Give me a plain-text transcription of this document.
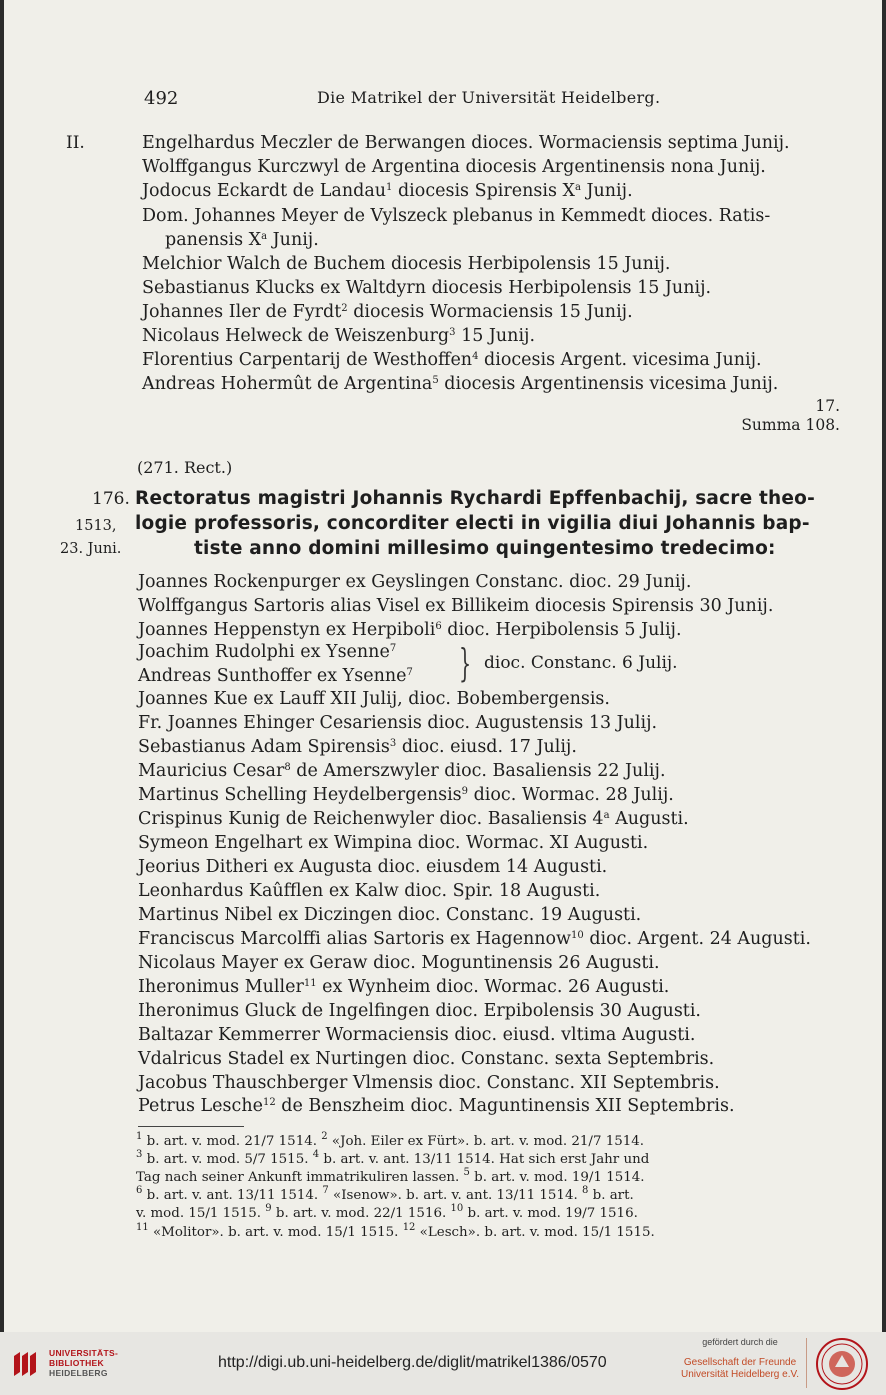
492	Die Matrikel der Universität Heidelberg.
II.	Engelhardus Meczler de Berwangen dioces. Wormaciensis septima Junij.
Wolffgangus Kurczwyl de Argentina diocesis Argentinensis nona Junij.
Jodocus Eckardt de Landau$^1$ diocesis Spirensis $X^a$ Junij.
Dom. Johannes Meyer de Vylszeck plebanus in Kemmedt dioces. Ratis-
panensis $X^a$ Junij.
Melchior Walch de Buchem diocesis Herbipolensis 15 Junij.
Sebastianus Klucks ex Waltdyrn diocesis Herbipolensis 15 Junij.
Johannes Iler de Fyrdt$^2$ diocesis Wormaciensis 15 Junij.
Nicolaus Helweck de Weiszenburg$^3$ 15 Junij.
Florentius Carpentarij de Westhoffen$^4$ diocesis Argent. vicesima Junij.
Andreas Hohermût de Argentina$^5$ diocesis Argentinensis vicesima Junij.
17.
Summa 108.
(271. Rect.)
176.
1513,
23. Juni.
Rectoratus magistri Johannis Rychardi Epffenbachij, sacre theo-
logie professoris, concorditer electi in vigilia diui Johannis bap-
tiste anno domini millesimo quingentesimo tredecimo:
Joannes Rockenpurger ex Geyslingen Constanc. dioc. 29 Junij.
Wolffgangus Sartoris alias Visel ex Billikeim diocesis Spirensis 30 Junij.
Joannes Heppenstyn ex Herpiboli$^6$ dioc. Herpibolensis 5 Julij.
Joachim Rudolphi ex Ysenne$^7$
Andreas Sunthoffer ex Ysenne$^7$
Joannes Kue ex Lauff XII Julij, dioc. Bobembergensis.
Fr. Joannes Ehinger Cesariensis dioc. Augustensis 13 Julij.
Sebastianus Adam Spirensis$^3$ dioc. eiusd. 17 Julij.
Mauricius Cesar$^8$ de Amerszwyler dioc. Basaliensis 22 Julij.
Martinus Schelling Heydelbergensis$^9$ dioc. Wormac. 28 Julij.
Crispinus Kunig de Reichenwyler dioc. Basaliensis 4$^a$ Augusti.
Symeon Engelhart ex Wimpina dioc. Wormac. XI Augusti.
Jeorius Ditheri ex Augusta dioc. eiusdem 14 Augusti.
Leonhardus Kaûfflen ex Kalw dioc. Spir. 18 Augusti.
Martinus Nibel ex Diczingen dioc. Constanc. 19 Augusti.
Franciscus Marcolffi alias Sartoris ex Hagennow$^{10}$ dioc. Argent. 24 Augusti.
Nicolaus Mayer ex Geraw dioc. Moguntinensis 26 Augusti.
Iheronimus Muller$^{11}$ ex Wynheim dioc. Wormac. 26 Augusti.
Iheronimus Gluck de Ingelfingen dioc. Erpibolensis 30 Augusti.
Baltazar Kemmerrer Wormaciensis dioc. eiusd. vltima Augusti.
Vdalricus Stadel ex Nurtingen dioc. Constanc. sexta Septembris.
Jacobus Thauschberger Vlmensis dioc. Constanc. XII Septembris.
Petrus Lesche$^{12}$ de Benszheim dioc. Maguntinensis XII Septembris.
} dioc. Constanc. 6 Julij.
$^1$ b. art. v. mod. 21/7 1514. $^2$ «Joh. Eiler ex Fürt». b. art. v. mod. 21/7 1514.
$^3$ b. art. v. mod. 5/7 1515. $^4$ b. art. v. ant. 13/11 1514. Hat sich erst Jahr und
Tag nach seiner Ankunft immatrikuliren lassen. $^5$ b. art. v. mod. 19/1 1514.
$^6$ b. art. v. ant. 13/11 1514. $^7$ «Isenow». b. art. v. ant. 13/11 1514. $^8$ b. art.
v. mod. 15/1 1515. $^9$ b. art. v. mod. 22/1 1516. $^{10}$ b. art. v. mod. 19/7 1516.
$^{11}$ «Molitor». b. art. v. mod. 15/1 1515. $^{12}$ «Lesch». b. art. v. mod. 15/1 1515.
UNIVERSITÄTS-
BIBLIOTHEK
HEIDELBERG
http://digi.ub.uni-heidelberg.de/diglit/matrikel1386/0570
gefördert durch die
Gesellschaft der Freunde
Universität Heidelberg e.V.
